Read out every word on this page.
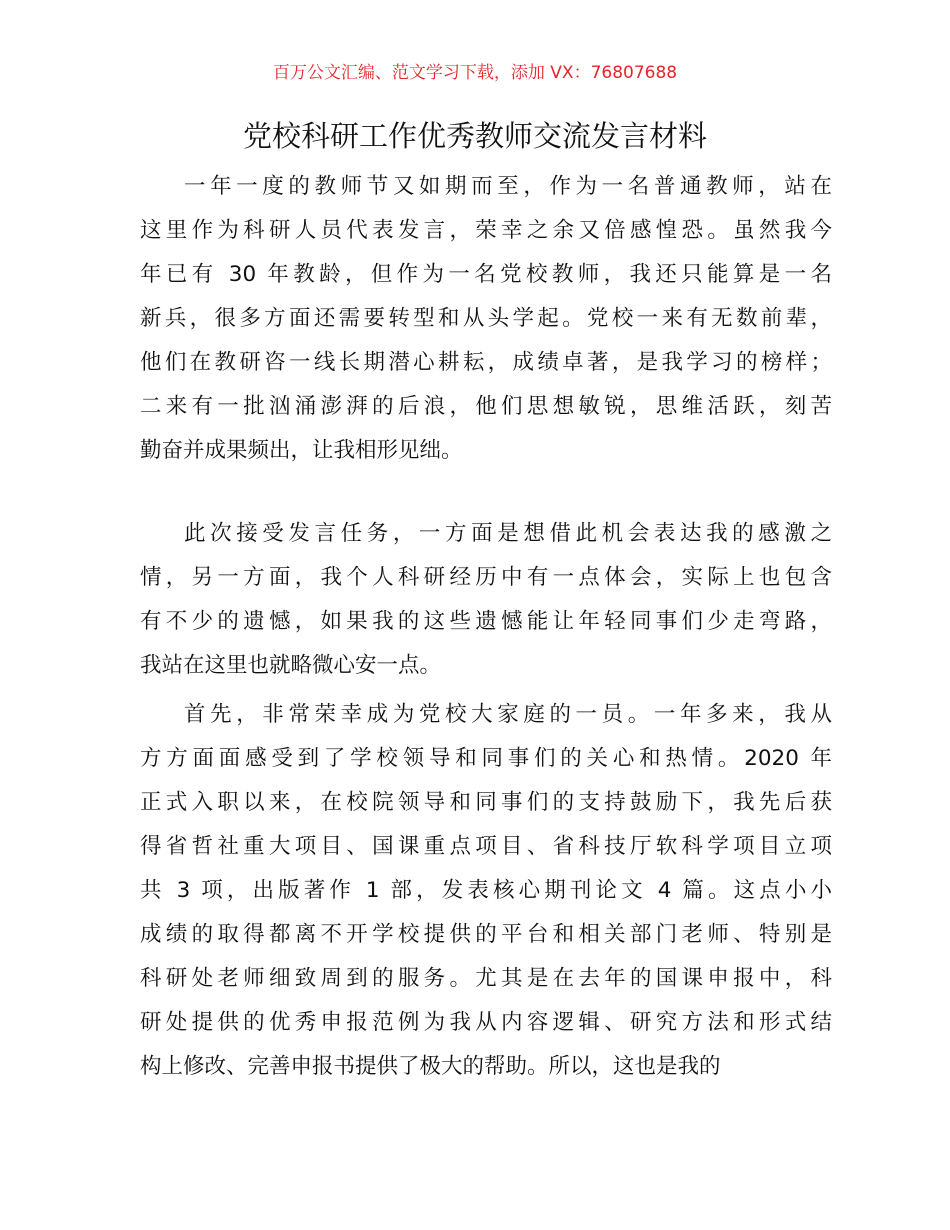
百万公文汇编、范文学习下载，添加 VX：76807688
党校科研工作优秀教师交流发言材料
一年一度的教师节又如期而至，作为一名普通教师，站在
这里作为科研人员代表发言，荣幸之余又倍感惶恐。虽然我今
年已有 30 年教龄，但作为一名党校教师，我还只能算是一名
新兵，很多方面还需要转型和从头学起。党校一来有无数前辈，
他们在教研咨一线长期潜心耕耘，成绩卓著，是我学习的榜样；
二来有一批汹涌澎湃的后浪，他们思想敏锐，思维活跃，刻苦
勤奋并成果频出，让我相形见绌。
此次接受发言任务，一方面是想借此机会表达我的感激之
情，另一方面，我个人科研经历中有一点体会，实际上也包含
有不少的遗憾，如果我的这些遗憾能让年轻同事们少走弯路，
我站在这里也就略微心安一点。
首先，非常荣幸成为党校大家庭的一员。一年多来，我从
方方面面感受到了学校领导和同事们的关心和热情。2020 年
正式入职以来，在校院领导和同事们的支持鼓励下，我先后获
得省哲社重大项目、国课重点项目、省科技厅软科学项目立项
共 3 项，出版著作 1 部，发表核心期刊论文 4 篇。这点小小
成绩的取得都离不开学校提供的平台和相关部门老师、特别是
科研处老师细致周到的服务。尤其是在去年的国课申报中，科
研处提供的优秀申报范例为我从内容逻辑、研究方法和形式结
构上修改、完善申报书提供了极大的帮助。所以，这也是我的
